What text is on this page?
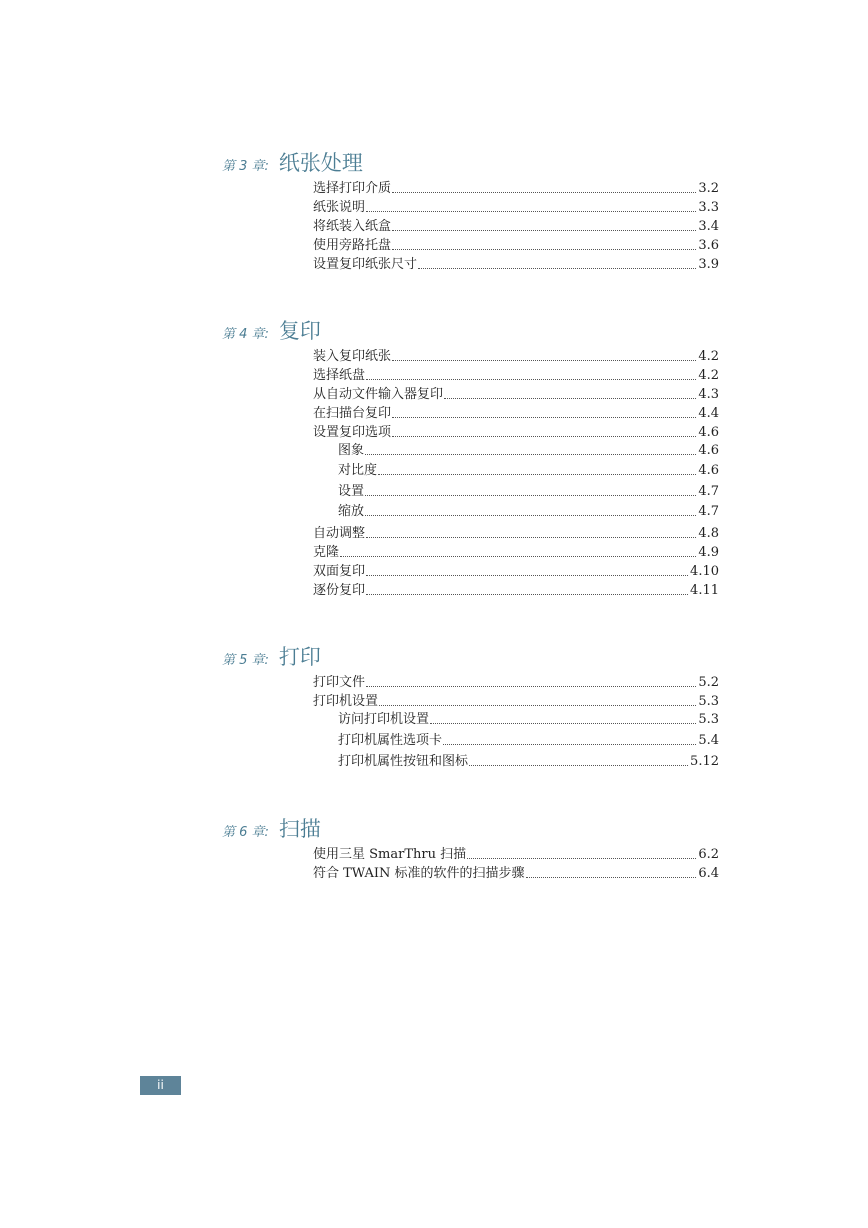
第 3 章: 纸张处理
选择打印介质	3.2
纸张说明	3.3
将纸装入纸盒	3.4
使用旁路托盘	3.6
设置复印纸张尺寸	3.9
第 4 章: 复印
装入复印纸张	4.2
选择纸盘	4.2
从自动文件输入器复印	4.3
在扫描台复印	4.4
设置复印选项	4.6
图象	4.6
对比度	4.6
设置	4.7
缩放	4.7
自动调整	4.8
克隆	4.9
双面复印	4.10
逐份复印	4.11
第 5 章: 打印
打印文件	5.2
打印机设置	5.3
访问打印机设置	5.3
打印机属性选项卡	5.4
打印机属性按钮和图标	5.12
第 6 章: 扫描
使用三星 SmarThru 扫描	6.2
符合 TWAIN 标准的软件的扫描步骤	6.4
ii
